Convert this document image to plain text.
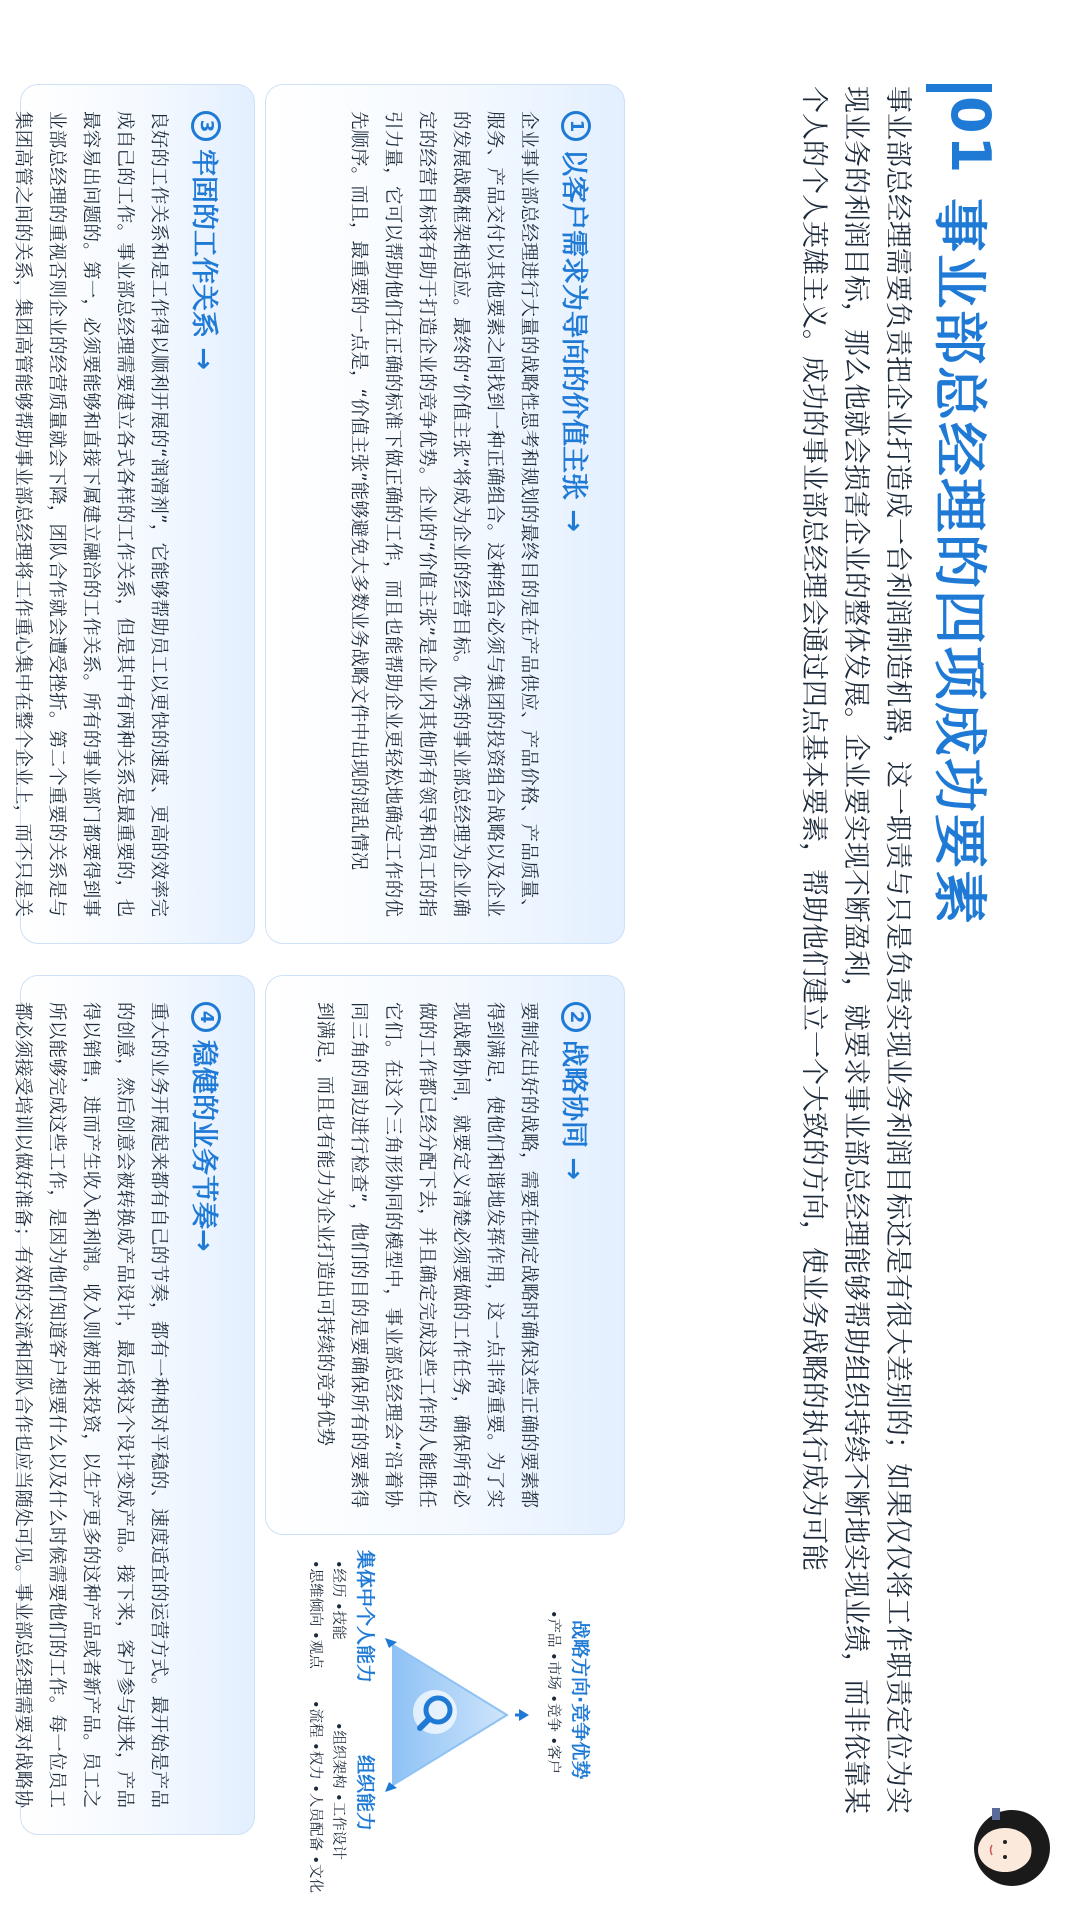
01
事业部总经理的四项成功要素
事业部总经理需要负责把企业打造成一台利润制造机器，这一职责与只是负责实现业务利润目标还是有很大差别的；如果仅仅将工作职责定位为实现业务的利润目标，那么他就会损害企业的整体发展。企业要实现不断盈利，就要求事业部总经理能够帮助组织持续不断地实现业绩，而非依靠某个人的个人英雄主义。成功的事业部总经理会通过四点基本要素，帮助他们建立一个大致的方向，使业务战略的执行成为可能
1
以客户需求为导向的价值主张 →
企业事业部总经理进行大量的战略性思考和规划的最终目的是在产品供应、产品价格、产品质量、服务、产品交付以其他要素之间找到一种正确组合。这种组合必须与集团的投资组合战略以及企业的发展战略框架相适应。最终的“价值主张”将成为企业的经营目标。优秀的事业部总经理为企业确定的经营目标将有助于打造企业的竞争优势。企业的“价值主张”是企业内其他所有领导和员工的指引力量，它可以帮助他们在正确的标准下做正确的工作，而且也能帮助企业更轻松地确定工作的优先顺序。而且，最重要的一点是，“价值主张”能够避免大多数业务战略文件中出现的混乱情况
2
战略协同 →
要制定出好的战略，需要在制定战略时确保这些正确的要素都得到满足，使他们和谐地发挥作用，这一点非常重要。为了实现战略协同，就要定义清楚必须要做的工作任务，确保所有必做的工作都已经分配下去，并且确定完成这些工作的人能胜任它们。在这个三角形协同的模型中，事业部总经理会“沿着协同三角的周边进行检查”，他们的目的是要确保所有的要素得到满足，而且也有能力为企业打造出可持续的竞争优势
战略方向·竞争优势
•产品 •市场 •竞争 •客户
集体中个人能力
•经历 •技能
•思维倾向 •观点
组织能力
•组织架构 •工作设计
•流程 •权力 •人员配备 •文化
3
牢固的工作关系 →
良好的工作关系和是工作得以顺利开展的“润滑剂”，它能够帮助员工以更快的速度、更高的效率完成自己的工作。事业部总经理需要建立各式各样的工作关系，但是其中有两种关系是最重要的，也最容易出问题的。第一，必须要能够和直接下属建立融洽的工作关系。所有的事业部门都要得到事业部总经理的重视否则企业的经营质量就会下降，团队合作就会遭受挫折。第二个重要的关系是与集团高管之间的关系，集团高管能够帮助事业部总经理将工作重心集中在整个企业上，而不只是关
4
稳健的业务节奏→
重大的业务开展起来都有自己的节奏，都有一种相对平稳的、速度适宜的运营方式。最开始是产品的创意，然后创意会被转换成产品设计，最后将这个设计变成产品。接下来，客户参与进来，产品得以销售，进而产生收入和利润。收入则被用来投资，以生产更多的这种产品或者新产品。员工之所以能够完成这些工作，是因为他们知道客户想要什么以及什么时候需要他们的工作。每一位员工都必须接受培训以做好准备；有效的交流和团队合作也应当随处可见。事业部总经理需要对战略协
